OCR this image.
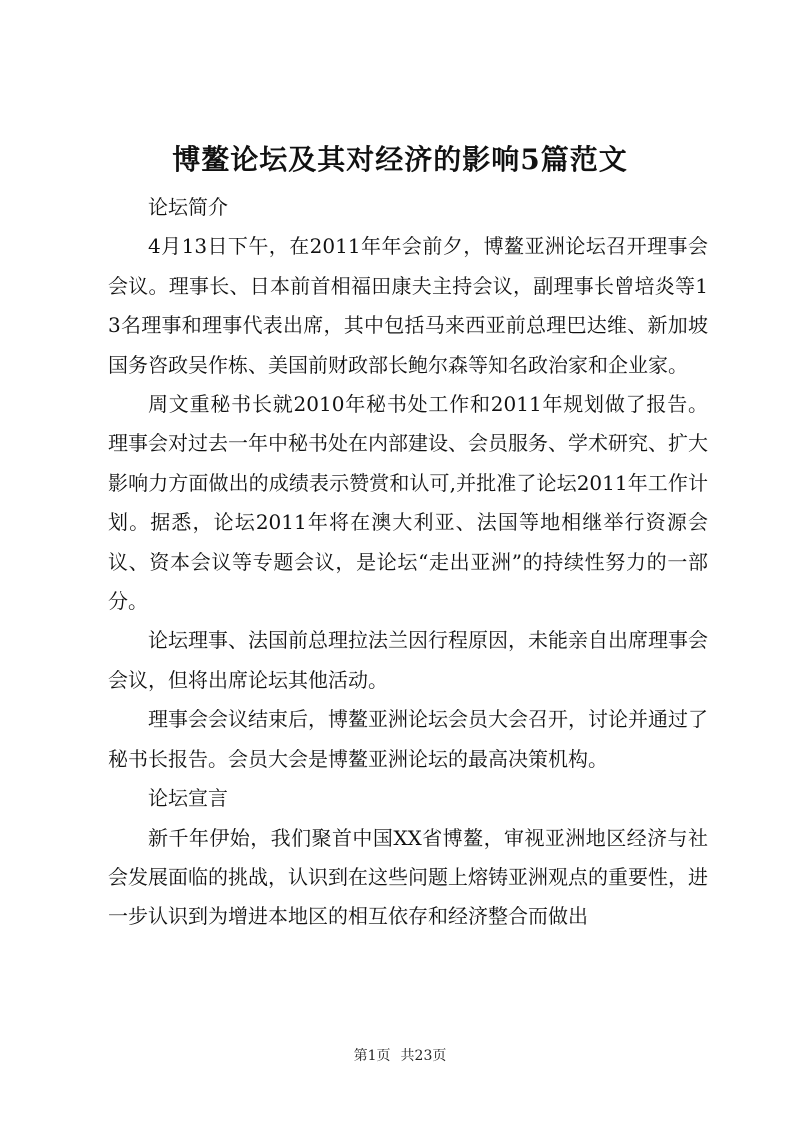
博鳌论坛及其对经济的影响5篇范文

论坛简介

4月13日下午，在2011年年会前夕，博鳌亚洲论坛召开理事会会议。理事长、日本前首相福田康夫主持会议，副理事长曾培炎等13名理事和理事代表出席，其中包括马来西亚前总理巴达维、新加坡国务咨政吴作栋、美国前财政部长鲍尔森等知名政治家和企业家。

周文重秘书长就2010年秘书处工作和2011年规划做了报告。理事会对过去一年中秘书处在内部建设、会员服务、学术研究、扩大影响力方面做出的成绩表示赞赏和认可,并批准了论坛2011年工作计划。据悉，论坛2011年将在澳大利亚、法国等地相继举行资源会议、资本会议等专题会议，是论坛“走出亚洲”的持续性努力的一部分。

论坛理事、法国前总理拉法兰因行程原因，未能亲自出席理事会会议，但将出席论坛其他活动。

理事会会议结束后，博鳌亚洲论坛会员大会召开，讨论并通过了秘书长报告。会员大会是博鳌亚洲论坛的最高决策机构。

论坛宣言

新千年伊始，我们聚首中国XX省博鳌，审视亚洲地区经济与社会发展面临的挑战，认识到在这些问题上熔铸亚洲观点的重要性，进一步认识到为增进本地区的相互依存和经济整合而做出

第1页 共23页
